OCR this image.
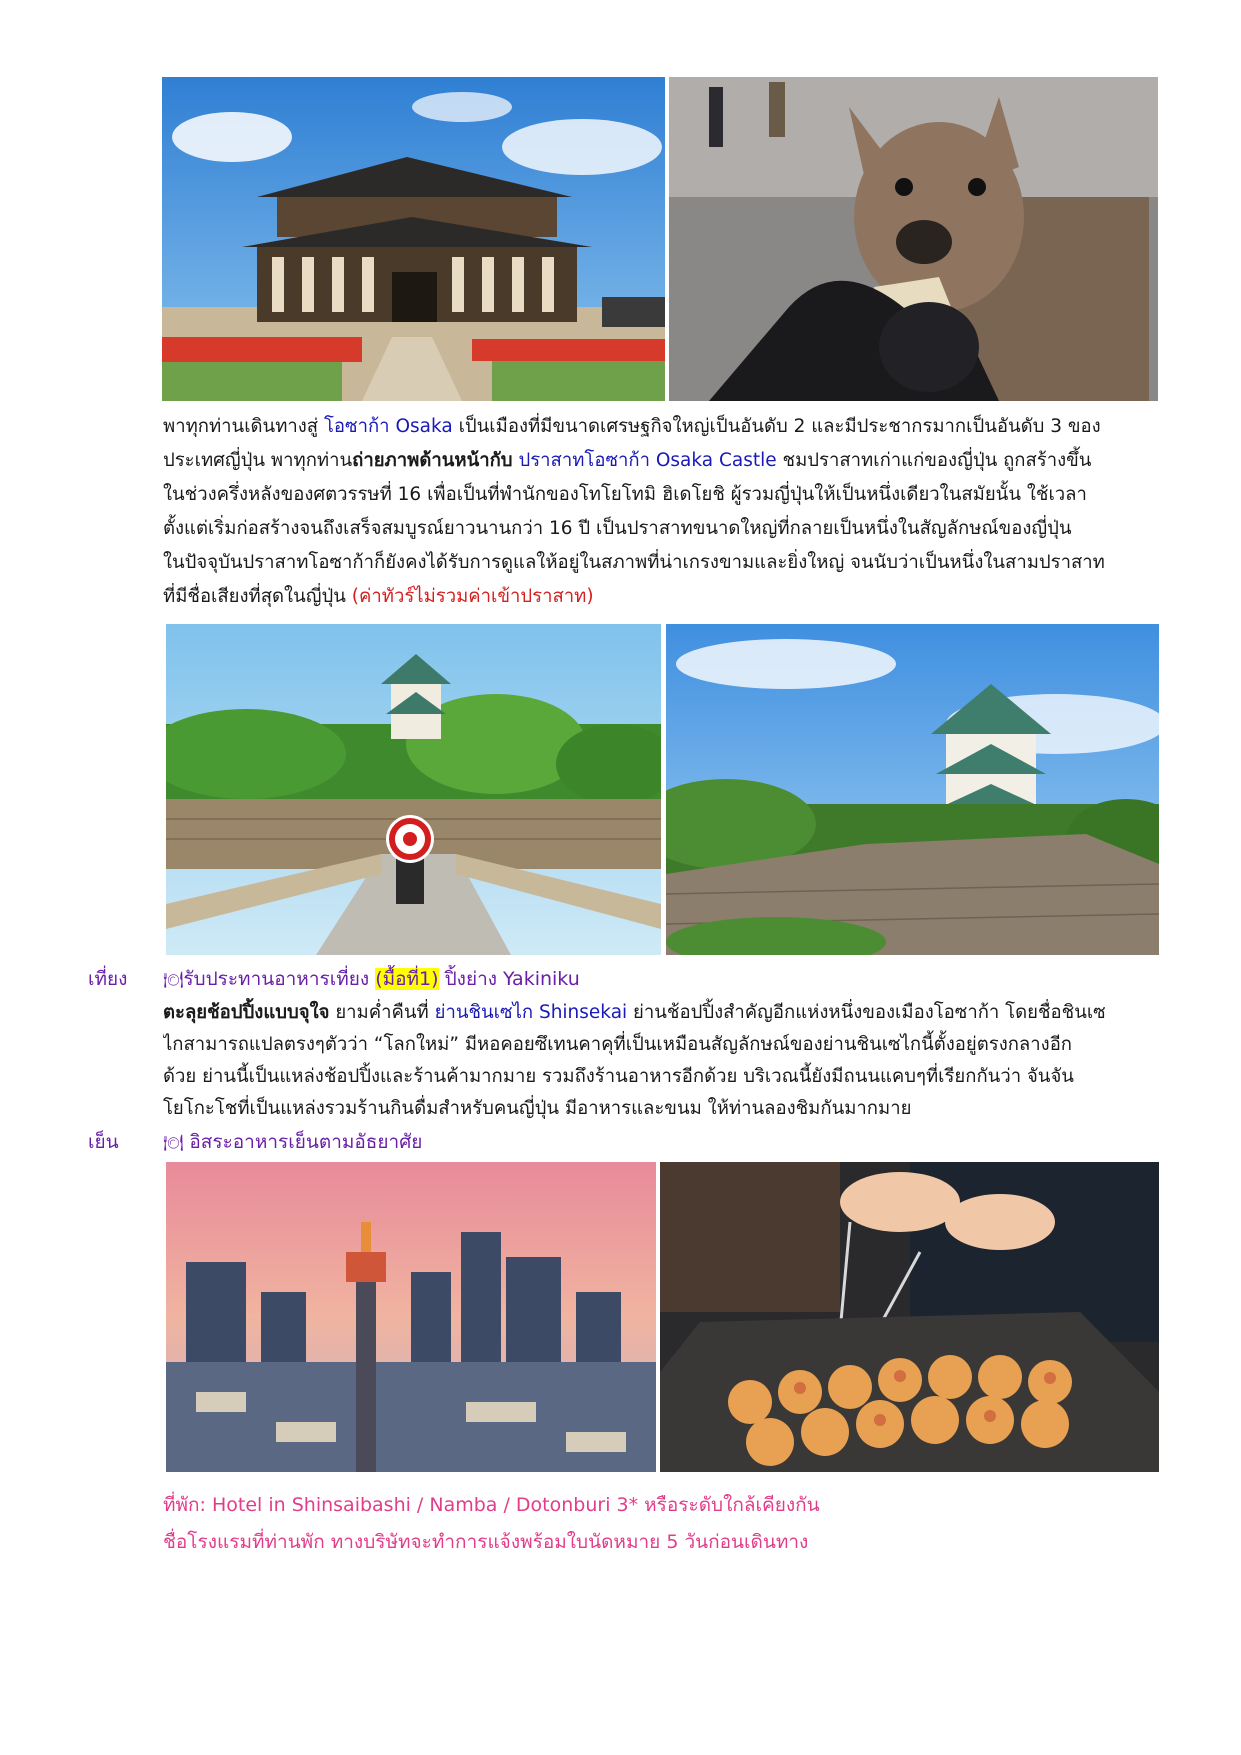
พาทุกท่านเดินทางสู่ โอซาก้า Osaka เป็นเมืองที่มีขนาดเศรษฐกิจใหญ่เป็นอันดับ 2 และมีประชากรมากเป็นอันดับ 3 ของ
ประเทศญี่ปุ่น พาทุกท่านถ่ายภาพด้านหน้ากับ ปราสาทโอซาก้า Osaka Castle ชมปราสาทเก่าแก่ของญี่ปุ่น ถูกสร้างขึ้น
ในช่วงครึ่งหลังของศตวรรษที่ 16 เพื่อเป็นที่พำนักของโทโยโทมิ ฮิเดโยชิ ผู้รวมญี่ปุ่นให้เป็นหนึ่งเดียวในสมัยนั้น ใช้เวลา
ตั้งแต่เริ่มก่อสร้างจนถึงเสร็จสมบูรณ์ยาวนานกว่า 16 ปี เป็นปราสาทขนาดใหญ่ที่กลายเป็นหนึ่งในสัญลักษณ์ของญี่ปุ่น
ในปัจจุบันปราสาทโอซาก้าก็ยังคงได้รับการดูแลให้อยู่ในสภาพที่น่าเกรงขามและยิ่งใหญ่ จนนับว่าเป็นหนึ่งในสามปราสาท
ที่มีชื่อเสียงที่สุดในญี่ปุ่น (ค่าทัวร์ไม่รวมค่าเข้าปราสาท)
เที่ยง 🍽รับประทานอาหารเที่ยง (มื้อที่1) ปิ้งย่าง Yakiniku
ตะลุยช้อปปิ้งแบบจุใจ ยามค่ำคืนที่ ย่านชินเซไก Shinsekai ย่านช้อปปิ้งสำคัญอีกแห่งหนึ่งของเมืองโอซาก้า โดยชื่อชินเซ
ไกสามารถแปลตรงๆตัวว่า “โลกใหม่” มีหอคอยซึเทนคาคุที่เป็นเหมือนสัญลักษณ์ของย่านชินเซไกนี้ตั้งอยู่ตรงกลางอีก
ด้วย ย่านนี้เป็นแหล่งช้อปปิ้งและร้านค้ามากมาย รวมถึงร้านอาหารอีกด้วย บริเวณนี้ยังมีถนนแคบๆที่เรียกกันว่า จันจัน
โยโกะโชที่เป็นแหล่งรวมร้านกินดื่มสำหรับคนญี่ปุ่น มีอาหารและขนม ให้ท่านลองชิมกันมากมาย
เย็น	🍽 อิสระอาหารเย็นตามอัธยาศัย
ที่พัก: Hotel in Shinsaibashi / Namba / Dotonburi 3* หรือระดับใกล้เคียงกัน
ชื่อโรงแรมที่ท่านพัก ทางบริษัทจะทำการแจ้งพร้อมใบนัดหมาย 5 วันก่อนเดินทาง
